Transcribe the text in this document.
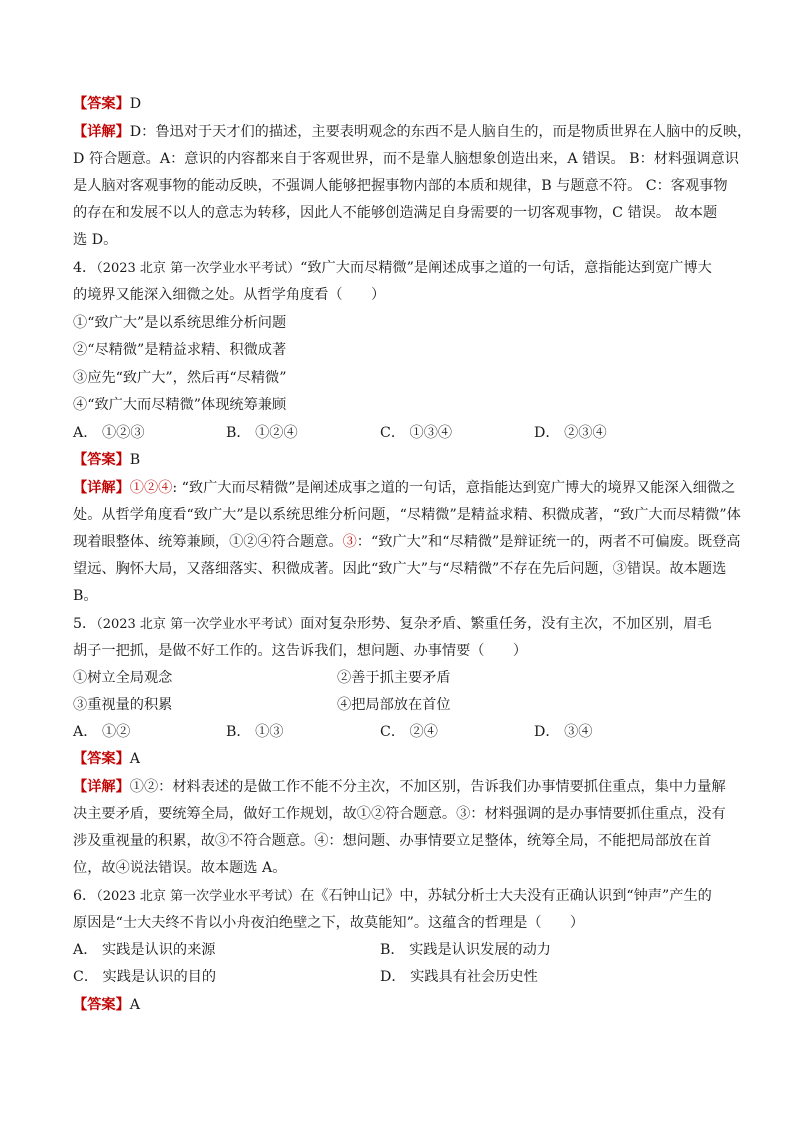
【答案】D
【详解】D：鲁迅对于天才们的描述，主要表明观念的东西不是人脑自生的，而是物质世界在人脑中的反映，
D 符合题意。A：意识的内容都来自于客观世界，而不是靠人脑想象创造出来，A 错误。 B：材料强调意识
是人脑对客观事物的能动反映，不强调人能够把握事物内部的本质和规律，B 与题意不符。 C：客观事物
的存在和发展不以人的意志为转移，因此人不能够创造满足自身需要的一切客观事物，C 错误。 故本题
选 D。
4．（2023 北京 第一次学业水平考试）“致广大而尽精微”是阐述成事之道的一句话，意指能达到宽广博大
的境界又能深入细微之处。从哲学角度看（　　）
①“致广大”是以系统思维分析问题
②“尽精微”是精益求精、积微成著
③应先“致广大”，然后再“尽精微”
④“致广大而尽精微”体现统筹兼顾
A． ①②③	B． ①②④	C． ①③④	D． ②③④
【答案】B
【详解】①②④: “致广大而尽精微”是阐述成事之道的一句话，意指能达到宽广博大的境界又能深入细微之
处。从哲学角度看“致广大”是以系统思维分析问题，“尽精微”是精益求精、积微成著，“致广大而尽精微”体
现着眼整体、统筹兼顾，①②④符合题意。③：“致广大”和“尽精微”是辩证统一的，两者不可偏废。既登高
望远、胸怀大局，又落细落实、积微成著。因此“致广大”与“尽精微”不存在先后问题，③错误。故本题选
B。
5．（2023 北京 第一次学业水平考试）面对复杂形势、复杂矛盾、繁重任务，没有主次，不加区别，眉毛
胡子一把抓，是做不好工作的。这告诉我们，想问题、办事情要（　　）
①树立全局观念	②善于抓主要矛盾
③重视量的积累	④把局部放在首位
A． ①②	B． ①③	C． ②④	D． ③④
【答案】A
【详解】①②：材料表述的是做工作不能不分主次，不加区别，告诉我们办事情要抓住重点，集中力量解
决主要矛盾，要统筹全局，做好工作规划，故①②符合题意。③：材料强调的是办事情要抓住重点，没有
涉及重视量的积累，故③不符合题意。④：想问题、办事情要立足整体，统筹全局，不能把局部放在首
位，故④说法错误。故本题选 A。
6．（2023 北京 第一次学业水平考试）在《石钟山记》中，苏轼分析士大夫没有正确认识到“钟声”产生的
原因是“士大夫终不肯以小舟夜泊绝壁之下，故莫能知”。这蕴含的哲理是（　　）
A． 实践是认识的来源	B． 实践是认识发展的动力
C． 实践是认识的目的	D． 实践具有社会历史性
【答案】A
